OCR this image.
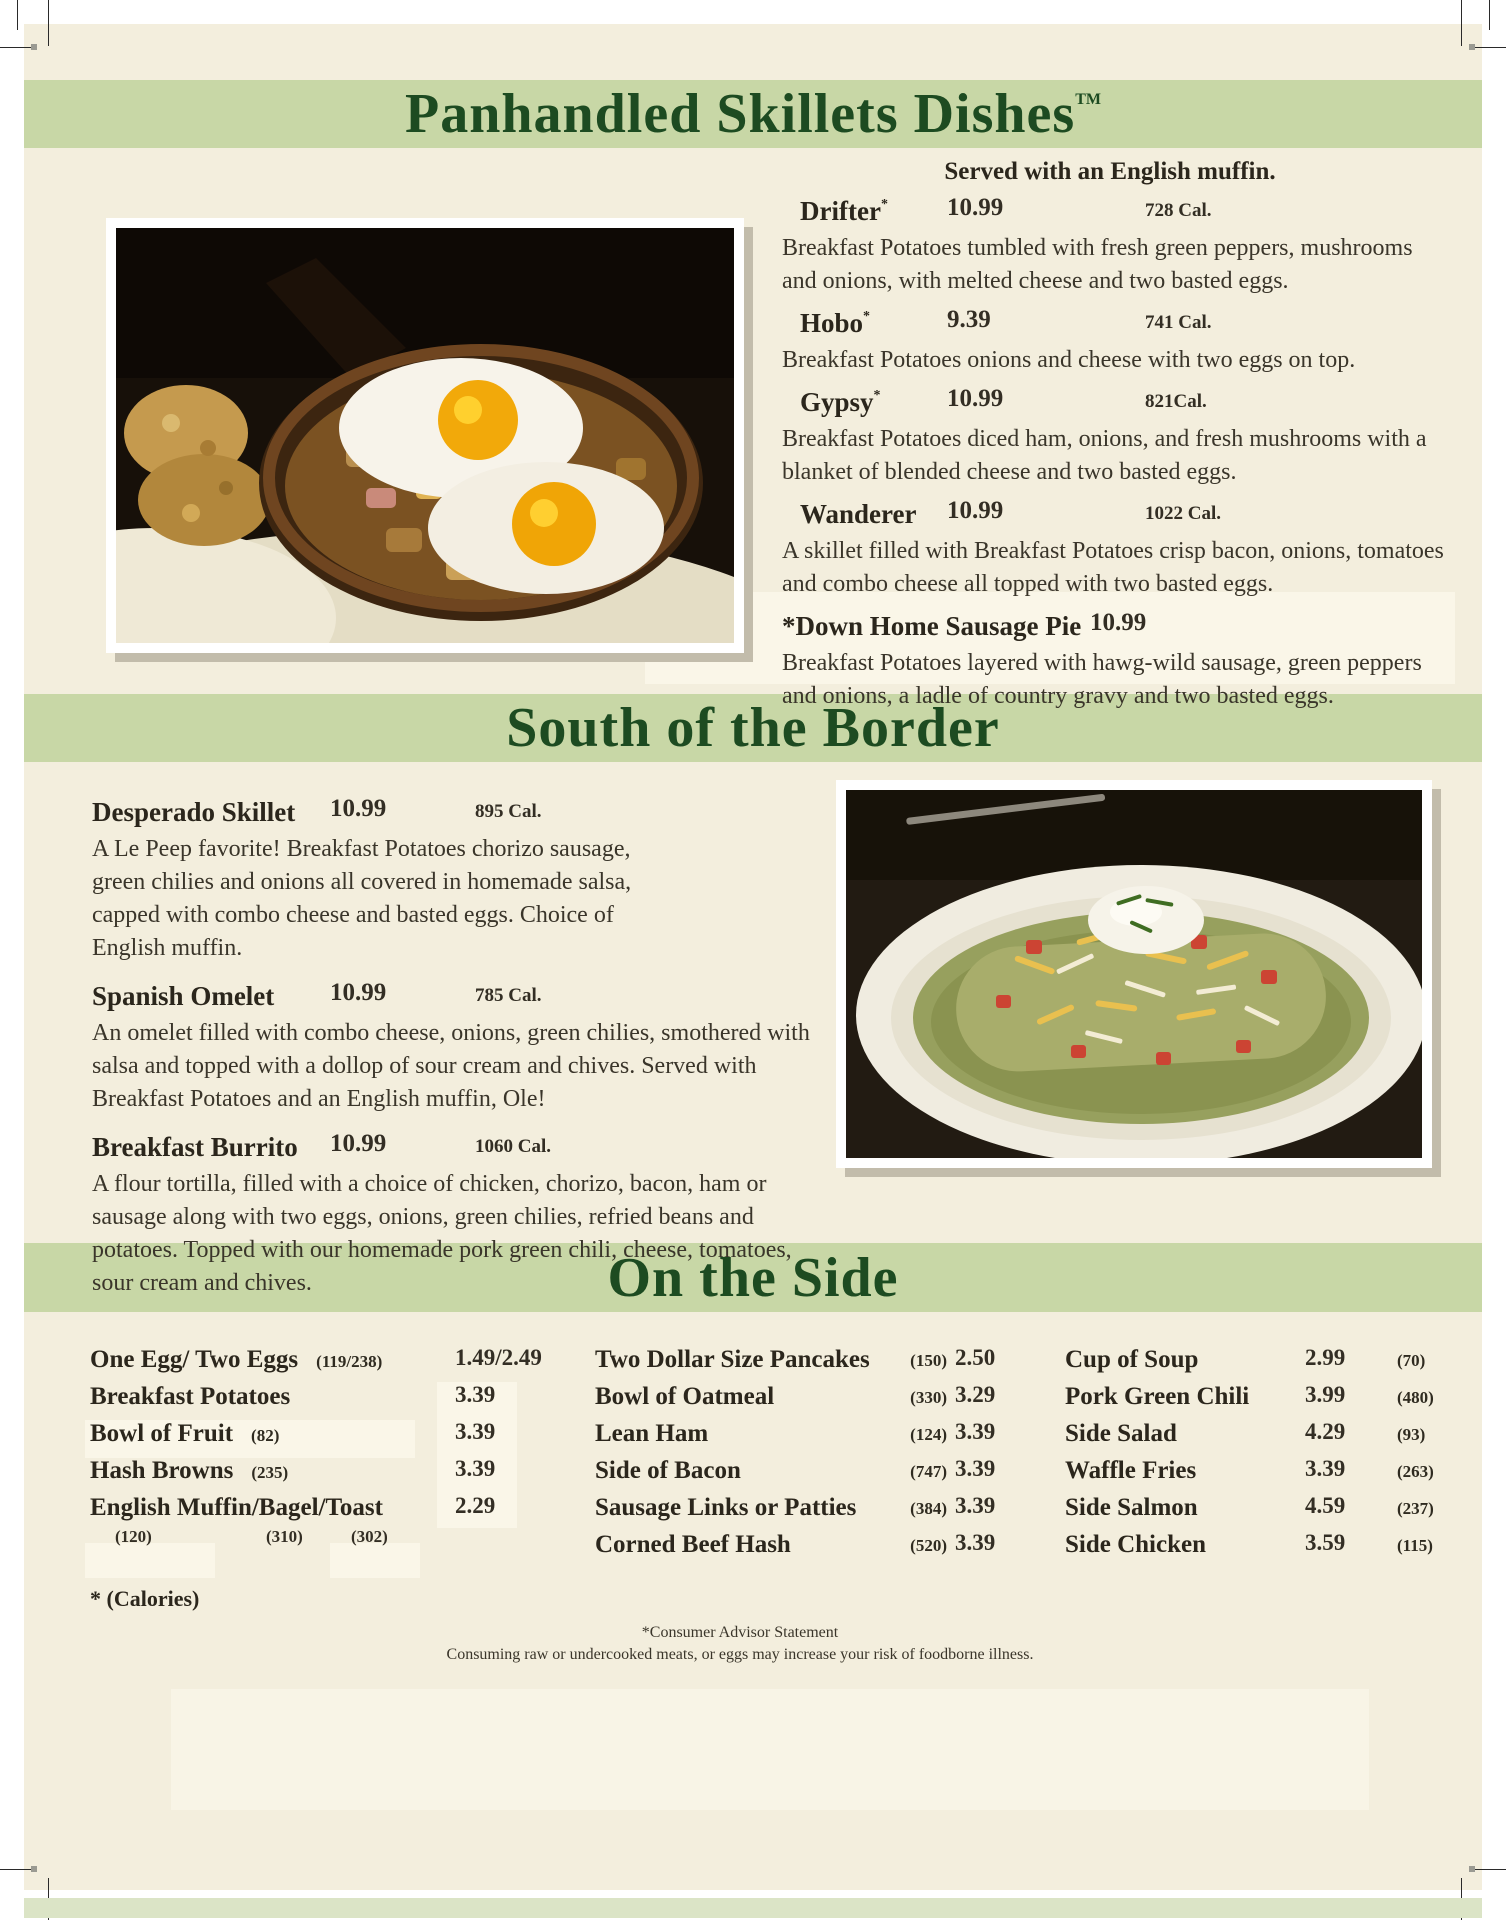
Panhandled Skillets Dishes™
South of the Border
On the Side
Served with an English muffin.
Drifter* 10.99	728 Cal.
Breakfast Potatoes tumbled with fresh green peppers, mushrooms and onions, with melted cheese and two basted eggs.
Hobo*	9.39	741 Cal.
Breakfast Potatoes onions and cheese with two eggs on top.
Gypsy*	10.99	821Cal.
Breakfast Potatoes diced ham, onions, and fresh mushrooms with a blanket of blended cheese and two basted eggs.
Wanderer 10.99	1022 Cal.
A skillet filled with Breakfast Potatoes crisp bacon, onions, tomatoes and combo cheese all topped with two basted eggs.
*Down Home Sausage Pie 10.99
Breakfast Potatoes layered with hawg-wild sausage, green peppers and onions, a ladle of country gravy and two basted eggs.
Desperado Skillet 10.99	895 Cal.
A Le Peep favorite! Breakfast Potatoes chorizo sausage, green chilies and onions all covered in homemade salsa, capped with combo cheese and basted eggs. Choice of English muffin.
Spanish Omelet 10.99	785 Cal.
An omelet filled with combo cheese, onions, green chilies, smothered with salsa and topped with a dollop of sour cream and chives. Served with Breakfast Potatoes and an English muffin, Ole!
Breakfast Burrito 10.99	1060 Cal.
A flour tortilla, filled with a choice of chicken, chorizo, bacon, ham or sausage along with two eggs, onions, green chilies, refried beans and potatoes. Topped with our homemade pork green chili, cheese, tomatoes, sour cream and chives.
One Egg/ Two Eggs (119/238)	1.49/2.49
Breakfast Potatoes	3.39
Bowl of Fruit (82)	3.39
Hash Browns (235)	3.39
English Muffin/Bagel/Toast	2.29
(120)	(310)	(302)
Two Dollar Size Pancakes	(150) 2.50
Bowl of Oatmeal	(330) 3.29
Lean Ham	(124) 3.39
Side of Bacon	(747) 3.39
Sausage Links or Patties	(384) 3.39
Corned Beef Hash	(520) 3.39
Cup of Soup	2.99	(70)
Pork Green Chili 3.99	(480)
Side Salad	4.29	(93)
Waffle Fries	3.39	(263)
Side Salmon	4.59	(237)
Side Chicken	3.59	(115)
* (Calories)
*Consumer Advisor Statement
Consuming raw or undercooked meats, or eggs may increase your risk of foodborne illness.
